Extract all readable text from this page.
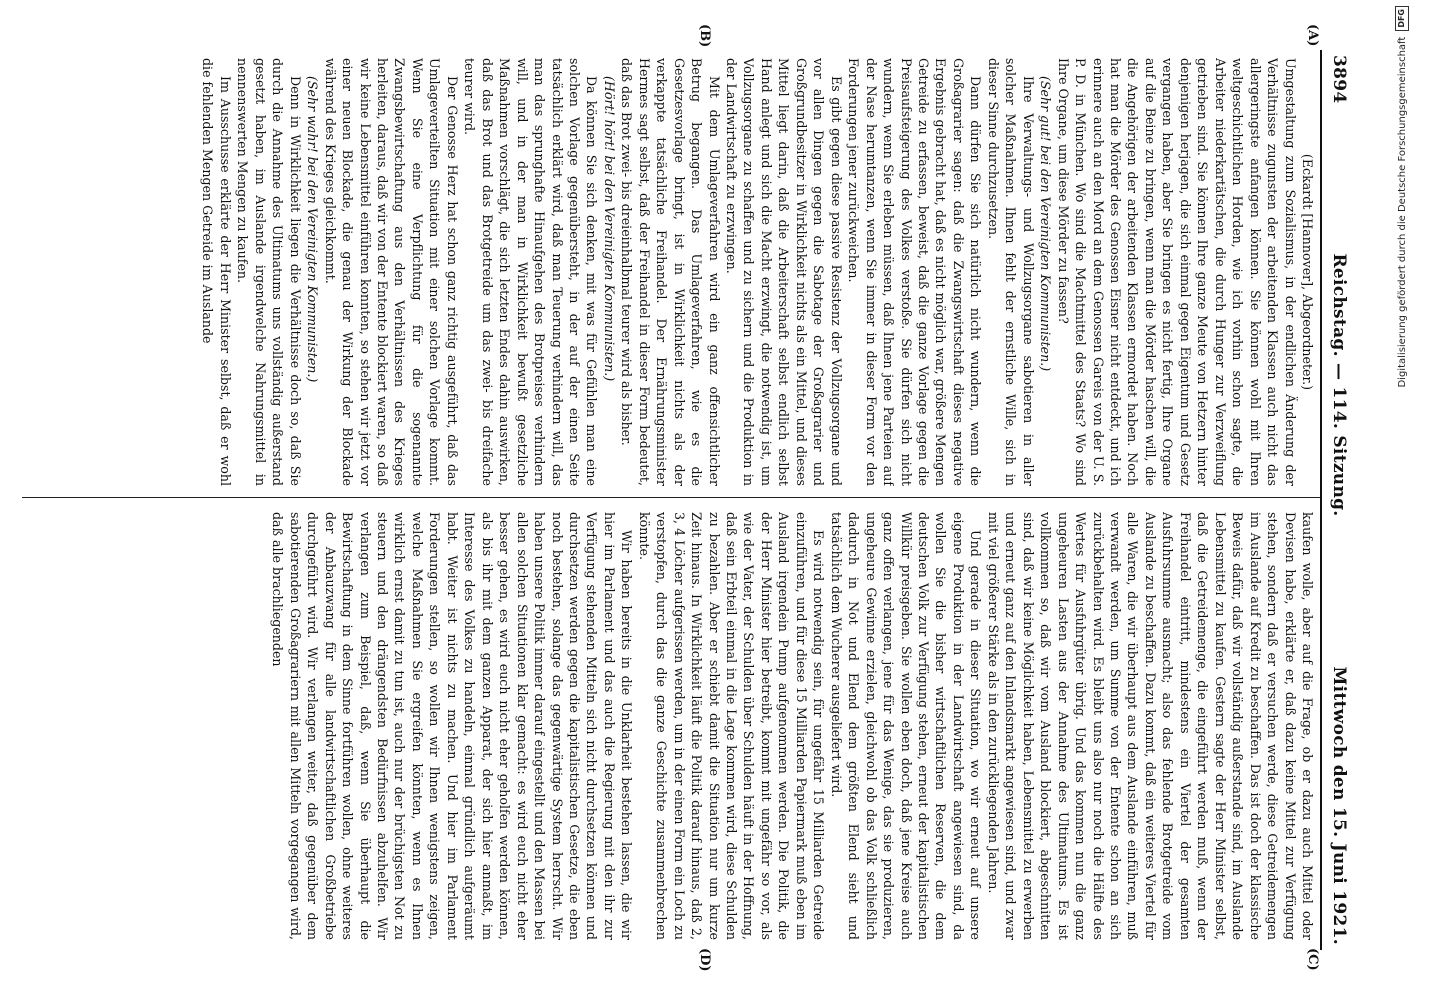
3894
Reichstag. — 114. Sitzung.
Mittwoch den 15. Juni 1921.
(A)
(B)
(C)
(D)

(Eckardt [Hannover], Abgeordneter.)

Umgestaltung zum Sozialismus, in der endlichen Änderung der Verhältnisse zugunsten der arbeitenden Klassen auch nicht das allergeringste anfangen können. Sie können wohl mit Ihren weltgeschichtlichen Horden, wie ich vorhin schon sagte, die Arbeiter niederkartätschen, die durch Hunger zur Verzweiflung getrieben sind. Sie können Ihre ganze Meute von Hetzern hinter denjenigen herjagen, die sich einmal gegen Eigentum und Gesetz vergangen haben, aber Sie bringen es nicht fertig, Ihre Organe auf die Beine zu bringen, wenn man die Mörder haschen will, die die Angehörigen der arbeitenden Klassen ermordet haben. Noch hat man die Mörder des Genossen Eisner nicht entdeckt, und ich erinnere auch an den Mord an dem Genossen Gareis von der U. S. P. D. in München. Wo sind die Machtmittel des Staats? Wo sind Ihre Organe, um diese Mörder zu fassen?

(Sehr gut! bei den Vereinigten Kommunisten.)

Ihre Verwaltungs- und Wollzugsorgane sabotieren in aller solcher Maßnahmen. Ihnen fehlt der ernstliche Wille, sich in dieser Sinne durchzusetzen.

Dann dürfen Sie sich natürlich nicht wundern, wenn die Großagrarier sagen: daß die Zwangswirtschaft dieses negative Ergebnis gebracht hat, daß es nicht möglich war, größere Mengen Getreide zu erfassen, beweist, daß die ganze Vorlage gegen die Preisaufsteigerung des Volkes verstoße. Sie dürfen sich nicht wundern, wenn Sie erleben müssen, daß Ihnen jene Parteien auf der Nase herumtanzen, wenn Sie immer in dieser Form vor den Forderungen jener zurückweichen.

Es gibt gegen diese passive Resistenz der Vollzugsorgane und vor allen Dingen gegen die Sabotage der Großagrarier und Großgrundbesitzer in Wirklichkeit nichts als ein Mittel, und dieses Mittel liegt darin, daß die Arbeiterschaft selbst endlich selbst Hand anlegt und sich die Macht erzwingt, die notwendig ist, um Vollzugsorgane zu schaffen und zu sichern und die Produktion in der Landwirtschaft zu erzwingen.

Mit dem Umlageverfahren wird ein ganz offensichtlicher Betrug begangen. Das Umlageverfahren, wie es die Gesetzesvorlage bringt, ist in Wirklichkeit nichts als der verkappte tatsächliche Freihandel. Der Ernährungsminister Hermes sagt selbst, daß der Freihandel in dieser Form bedeutet, daß das Brot zwei- bis dreieinhalbmal teurer wird als bisher.

(Hört! hört! bei den Vereinigten Kommunisten.)

Da können Sie sich denken, mit was für Gefühlen man eine solchen Vorlage gegenübersteht, in der auf der einen Seite tatsächlich erklärt wird, daß man Teuerung verhindern will, das man das sprunghafte Hinaufgehen des Brotpreises verhindern will, und in der man in Wirklichkeit bewußt gesetzliche Maßnahmen vorschlägt, die sich letzten Endes dahin auswirken, daß das Brot und das Brotgetreide um das zwei- bis dreifache teurer wird.

Der Genosse Herz hat schon ganz richtig ausgeführt, daß das Umlageverteilten Situation mit einer solchen Vorlage kommt. Wenn Sie eine Verpflichtung für die sogenannte Zwangsbewirtschaftung aus den Verhältnissen des Krieges herleiten, daraus, daß wir von der Entente blockiert waren, so daß wir keine Lebensmittel einführen konnten, so stehen wir jetzt vor einer neuen Blockade, die genau der Wirkung der Blockade während des Krieges gleichkommt.

(Sehr wahr! bei den Vereinigten Kommunisten.)

Denn in Wirklichkeit liegen die Verhältnisse doch so, daß Sie durch die Annahme des Ultimatums uns vollständig außerstand gesetzt haben, im Auslande irgendwelche Nahrungsmittel in nennenswerten Mengen zu kaufen.

Im Ausschusse erklärte der Herr Minister selbst, daß er wohl die fehlenden Mengen Getreide im Auslande

kaufen wolle, aber auf die Frage, ob er dazu auch Mittel oder Devisen habe, erklärte er, daß dazu keine Mittel zur Verfügung stehen, sondern daß er versuchen werde, diese Getreidemengen im Auslande auf Kredit zu beschaffen. Das ist doch der klassische Beweis dafür, daß wir vollständig außerstande sind, im Auslande Lebensmittel zu kaufen. Gestern sagte der Herr Minister selbst, daß die Getreidemenge, die eingeführt werden muß, wenn der Freihandel eintritt, mindestens ein Viertel der gesamten Ausfuhrsumme ausmacht; also das fehlende Brotgetreide vom Auslande zu beschaffen. Dazu kommt, daß ein weiteres Viertel für alle Waren, die wir überhaupt aus dem Auslande einführen, muß verwandt werden, um Summe von der Entente schon an sich zurückbehalten wird. Es bleibt uns also nur noch die Hälfte des Wertes für Ausfuhrgüter übrig. Und das kommen nun die ganz ungeheuren Lasten aus der Annahme des Ultimatums. Es ist vollkommen so, daß wir vom Ausland blockiert, abgeschnitten sind, daß wir keine Möglichkeit haben, Lebensmittel zu erwerben und erneut ganz auf den Inlandsmarkt angewiesen sind, und zwar mit viel größerer Stärke als in den zurückliegenden Jahren.

Und gerade in dieser Situation, wo wir erneut auf unsere eigene Produktion in der Landwirtschaft angewiesen sind, da wollen Sie die bisher wirtschaftlichen Reserven, die dem deutschen Volk zur Verfügung stehen, erneut der kapitalistischen Willkür preisgeben. Sie wollen eben doch, daß jene Kreise auch ganz offen verlangen, jene für das Wenige, das sie produzieren, ungeheure Gewinne erzielen, gleichwohl ob das Volk schließlich dadurch in Not und Elend dem größten Elend sieht und tatsächlich dem Wucherer ausgeliefert wird.

Es wird notwendig sein, für ungefähr 15 Milliarden Getreide einzuführen, und für diese 15 Milliarden Papiermark muß eben im Ausland irgendein Pump aufgenommen werden. Die Politik, die der Herr Minister hier betreibt, kommt mit ungefähr so vor, als wie der Vater, der Schulden über Schulden häuft in der Hoffnung, daß sein Erbteil einmal in die Lage kommen wird, diese Schulden zu bezahlen. Aber er schiebt damit die Situation nur um kurze Zeit hinaus. In Wirklichkeit läuft die Politik darauf hinaus, daß 2, 3, 4 Löcher aufgerissen werden, um in der einen Form ein Loch zu verstopfen, durch das die ganze Geschichte zusammenbrechen könnte.

Wir haben bereits in die Unklarheit bestehen lassen, die wir hier im Parlament und das auch die Regierung mit den ihr zur Verfügung stehenden Mitteln sich nicht durchsetzen können und durchsetzen werden gegen die kapitalistischen Gesetze, die eben noch bestehen, solange das gegenwärtige System herrscht. Wir haben unsere Politik immer darauf eingestellt und den Massen bei allen solchen Situationen klar gemacht: es wird euch nicht eher besser gehen, es wird euch nicht eher geholfen werden können, als bis ihr mit dem ganzen Apparat, der sich hier anmaßt, im Interesse des Volkes zu handeln, einmal gründlich aufgeräumt habt. Weiter ist nichts zu machen. Und hier im Parlament Forderungen stellen, so wollen wir Ihnen wenigstens zeigen, welche Maßnahmen Sie ergreifen könnten, wenn es Ihnen wirklich ernst damit zu tun ist, auch nur der brüchigsten Not zu steuern und den drängendsten Bedürfnissen abzuhelfen. Wir verlangen zum Beispiel, daß, wenn Sie überhaupt die Bewirtschaftung in dem Sinne fortführen wollen, ohne weiteres der Anbauzwang für alle landwirtschaftlichen Großbetriebe durchgeführt wird. Wir verlangen weiter, daß gegenüber dem sabotierenden Großagrariern mit allen Mitteln vorgegangen wird, daß alle brachliegenden

Digitalisierung gefördert durch die Deutsche Forschungsgemeinschaft
DFG
